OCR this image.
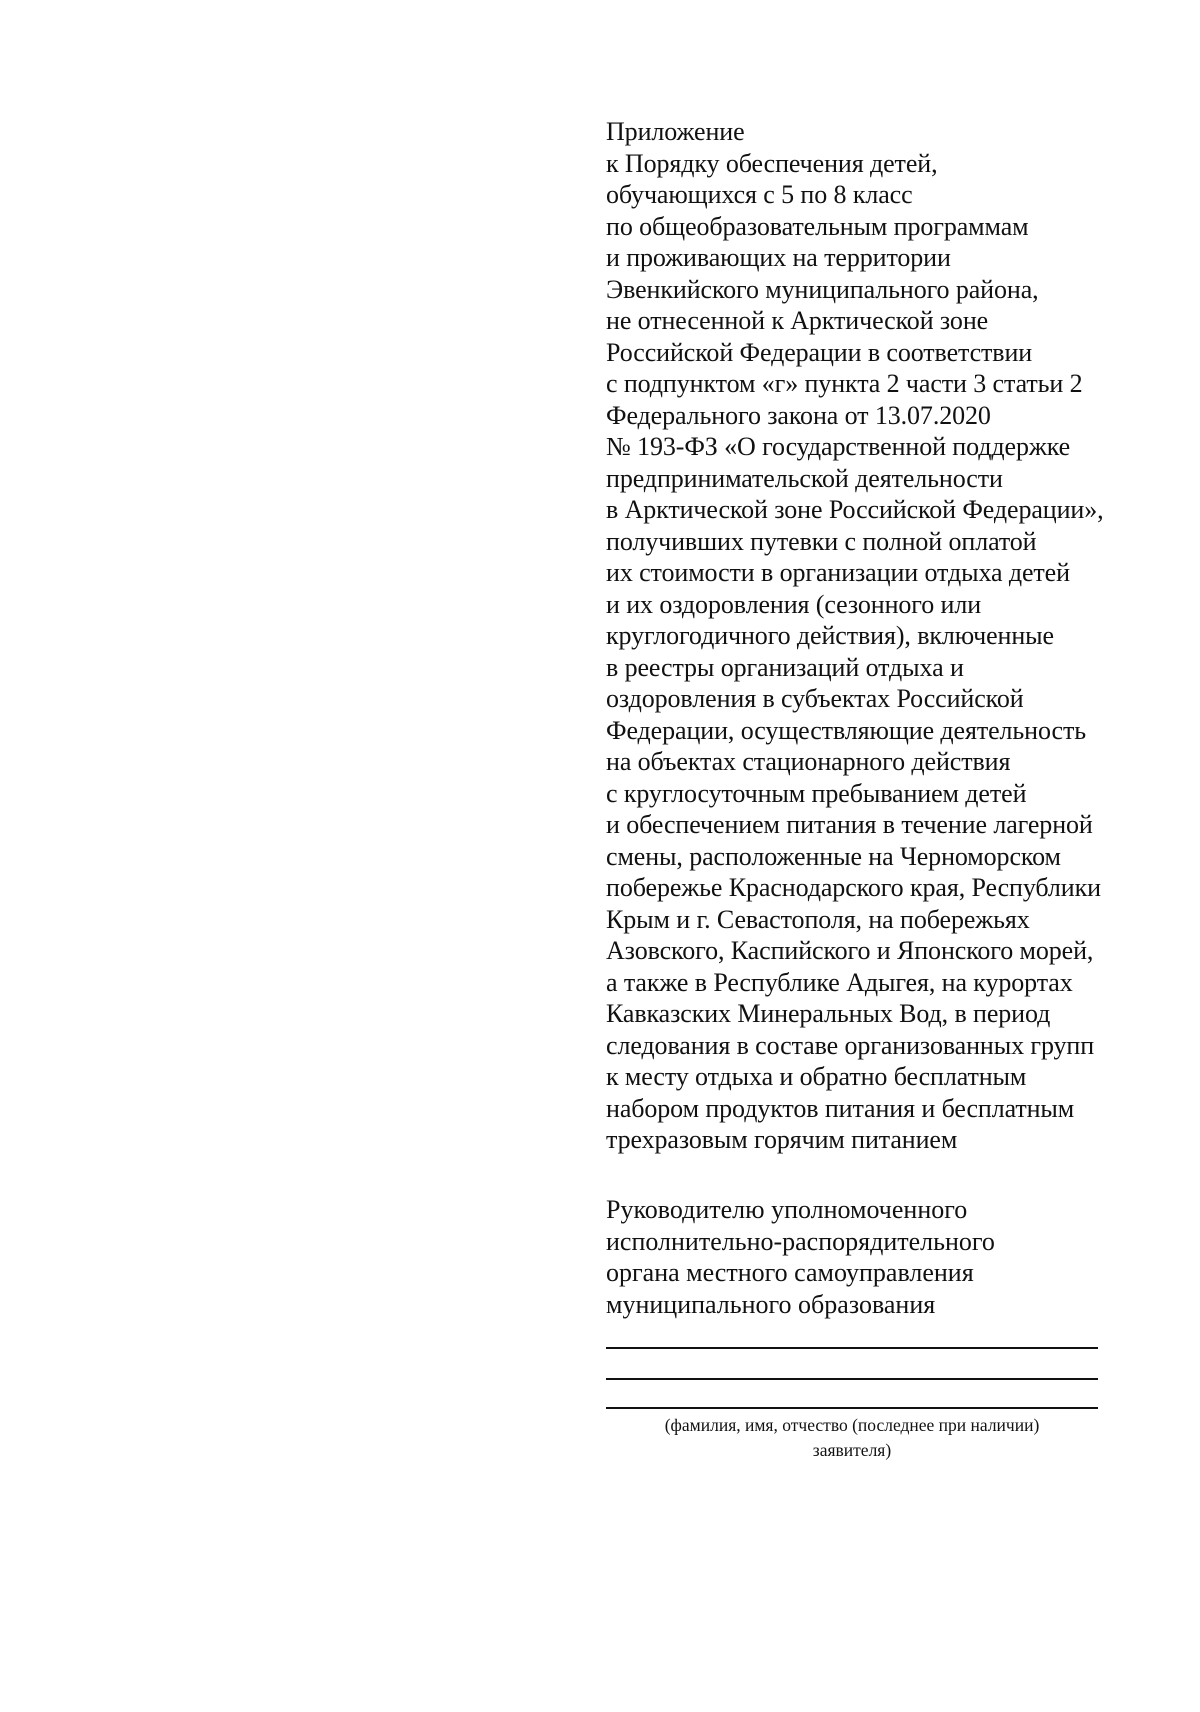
Приложение
к Порядку обеспечения детей,
обучающихся с 5 по 8 класс
по общеобразовательным программам
и проживающих на территории
Эвенкийского муниципального района,
не отнесенной к Арктической зоне
Российской Федерации в соответствии
с подпунктом «г» пункта 2 части 3 статьи 2
Федерального закона от 13.07.2020
№ 193-ФЗ «О государственной поддержке
предпринимательской деятельности
в Арктической зоне Российской Федерации»,
получивших путевки с полной оплатой
их стоимости в организации отдыха детей
и их оздоровления (сезонного или
круглогодичного действия), включенные
в реестры организаций отдыха и
оздоровления в субъектах Российской
Федерации, осуществляющие деятельность
на объектах стационарного действия
с круглосуточным пребыванием детей
и обеспечением питания в течение лагерной
смены, расположенные на Черноморском
побережье Краснодарского края, Республики
Крым и г. Севастополя, на побережьях
Азовского, Каспийского и Японского морей,
а также в Республике Адыгея, на курортах
Кавказских Минеральных Вод, в период
следования в составе организованных групп
к месту отдыха и обратно бесплатным
набором продуктов питания и бесплатным
трехразовым горячим питанием
Руководителю уполномоченного
исполнительно-распорядительного
органа местного самоуправления
муниципального образования
(фамилия, имя, отчество (последнее при наличии)
заявителя)
